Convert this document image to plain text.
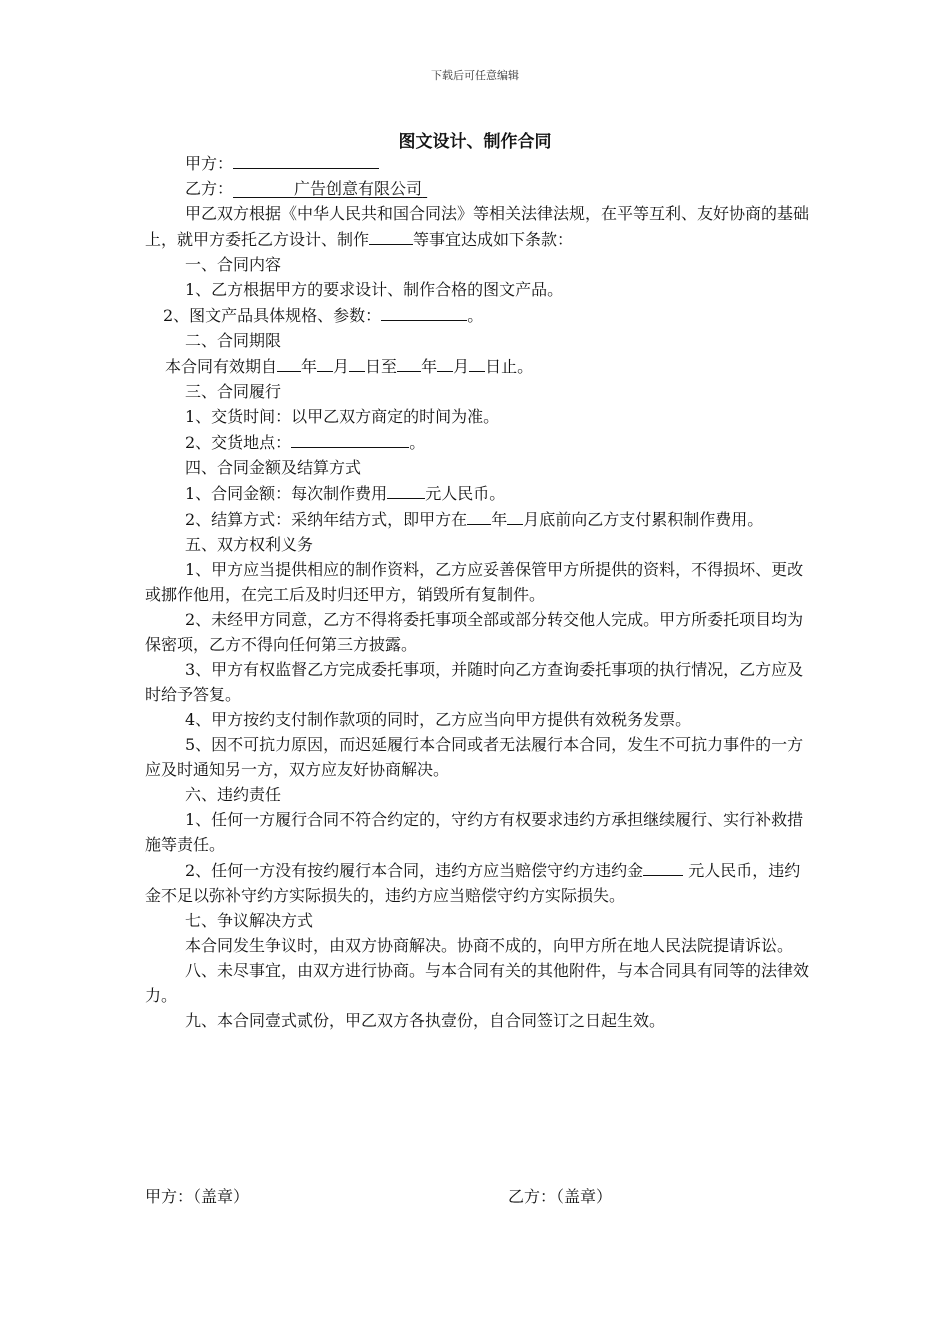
下载后可任意编辑
图文设计、制作合同

甲方：

乙方：	广告创意有限公司

甲乙双方根据《中华人民共和国合同法》等相关法律法规，在平等互利、友好协商的基础上，就甲方委托乙方设计、制作	等事宜达成如下条款：

一、合同内容

1、乙方根据甲方的要求设计、制作合格的图文产品。

2、图文产品具体规格、参数：	。

二、合同期限

本合同有效期自 年 月 日至 年 月 日止。

三、合同履行

1、交货时间：以甲乙双方商定的时间为准。

2、交货地点：	。

四、合同金额及结算方式

1、合同金额：每次制作费用 元人民币。

2、结算方式：采纳年结方式，即甲方在 年 月底前向乙方支付累积制作费用。

五、双方权利义务

1、甲方应当提供相应的制作资料，乙方应妥善保管甲方所提供的资料，不得损坏、更改或挪作他用，在完工后及时归还甲方，销毁所有复制件。

2、未经甲方同意，乙方不得将委托事项全部或部分转交他人完成。甲方所委托项目均为保密项，乙方不得向任何第三方披露。

3、甲方有权监督乙方完成委托事项，并随时向乙方查询委托事项的执行情况，乙方应及时给予答复。

4、甲方按约支付制作款项的同时，乙方应当向甲方提供有效税务发票。

5、因不可抗力原因，而迟延履行本合同或者无法履行本合同，发生不可抗力事件的一方应及时通知另一方，双方应友好协商解决。

六、违约责任

1、任何一方履行合同不符合约定的，守约方有权要求违约方承担继续履行、实行补救措施等责任。

2、任何一方没有按约履行本合同，违约方应当赔偿守约方违约金	元人民币，违约金不足以弥补守约方实际损失的，违约方应当赔偿守约方实际损失。

七、争议解决方式

本合同发生争议时，由双方协商解决。协商不成的，向甲方所在地人民法院提请诉讼。

八、未尽事宜，由双方进行协商。与本合同有关的其他附件，与本合同具有同等的法律效力。

九、本合同壹式贰份，甲乙双方各执壹份，自合同签订之日起生效。

甲方：（盖章）	乙方：（盖章）
